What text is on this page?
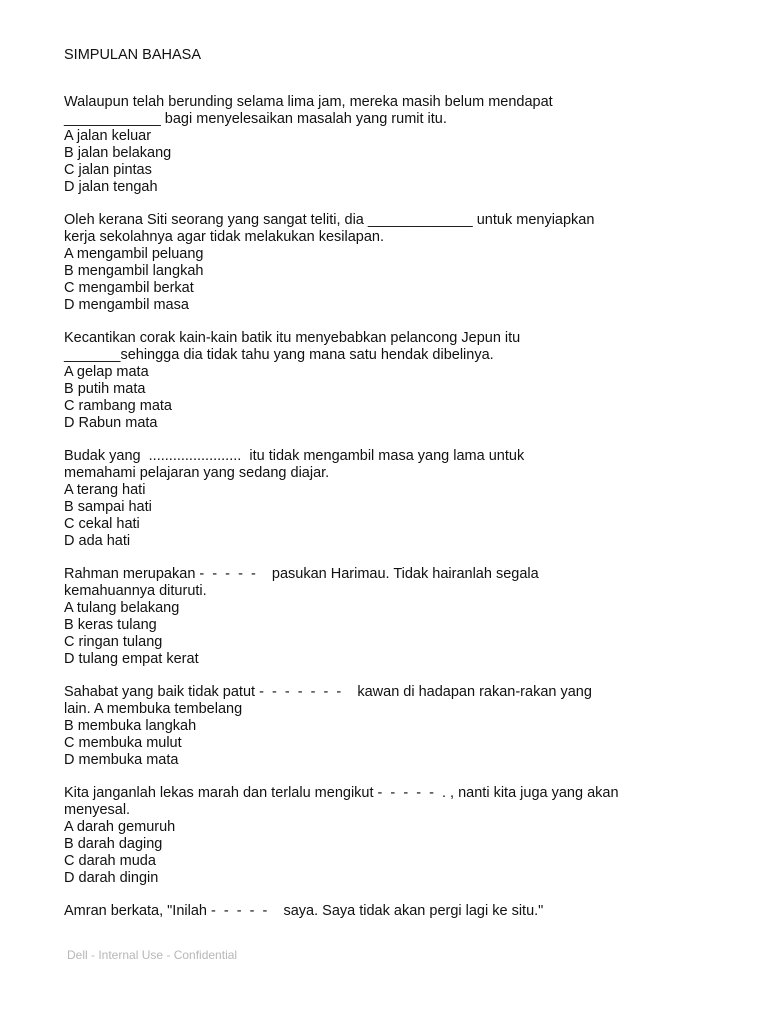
SIMPULAN BAHASA

Walaupun telah berunding selama lima jam, mereka masih belum mendapat
____________ bagi menyelesaikan masalah yang rumit itu.

A jalan keluar
B jalan belakang
C jalan pintas
D jalan tengah

Oleh kerana Siti seorang yang sangat teliti, dia _____________ untuk menyiapkan
kerja sekolahnya agar tidak melakukan kesilapan.

A mengambil peluang
B mengambil langkah
C mengambil berkat
D mengambil masa

Kecantikan corak kain-kain batik itu menyebabkan pelancong Jepun itu
_______sehingga dia tidak tahu yang mana satu hendak dibelinya.

A gelap mata
B putih mata
C rambang mata
D Rabun mata

Budak yang  .......................  itu tidak mengambil masa yang lama untuk
memahami pelajaran yang sedang diajar.

A terang hati
B sampai hati
C cekal hati
D ada hati

Rahman merupakan -  -  -  -  -    pasukan Harimau. Tidak hairanlah segala
kemahuannya dituruti.

A tulang belakang
B keras tulang
C ringan tulang
D tulang empat kerat

Sahabat yang baik tidak patut -  -  -  -  -  -  -    kawan di hadapan rakan-rakan yang
lain. A membuka tembelang

B membuka langkah
C membuka mulut
D membuka mata

Kita janganlah lekas marah dan terlalu mengikut -  -  -  -  -  . , nanti kita juga yang akan
menyesal.

A darah gemuruh
B darah daging
C darah muda
D darah dingin

Amran berkata, "Inilah -  -  -  -  -    saya. Saya tidak akan pergi lagi ke situ."

Dell - Internal Use - Confidential
